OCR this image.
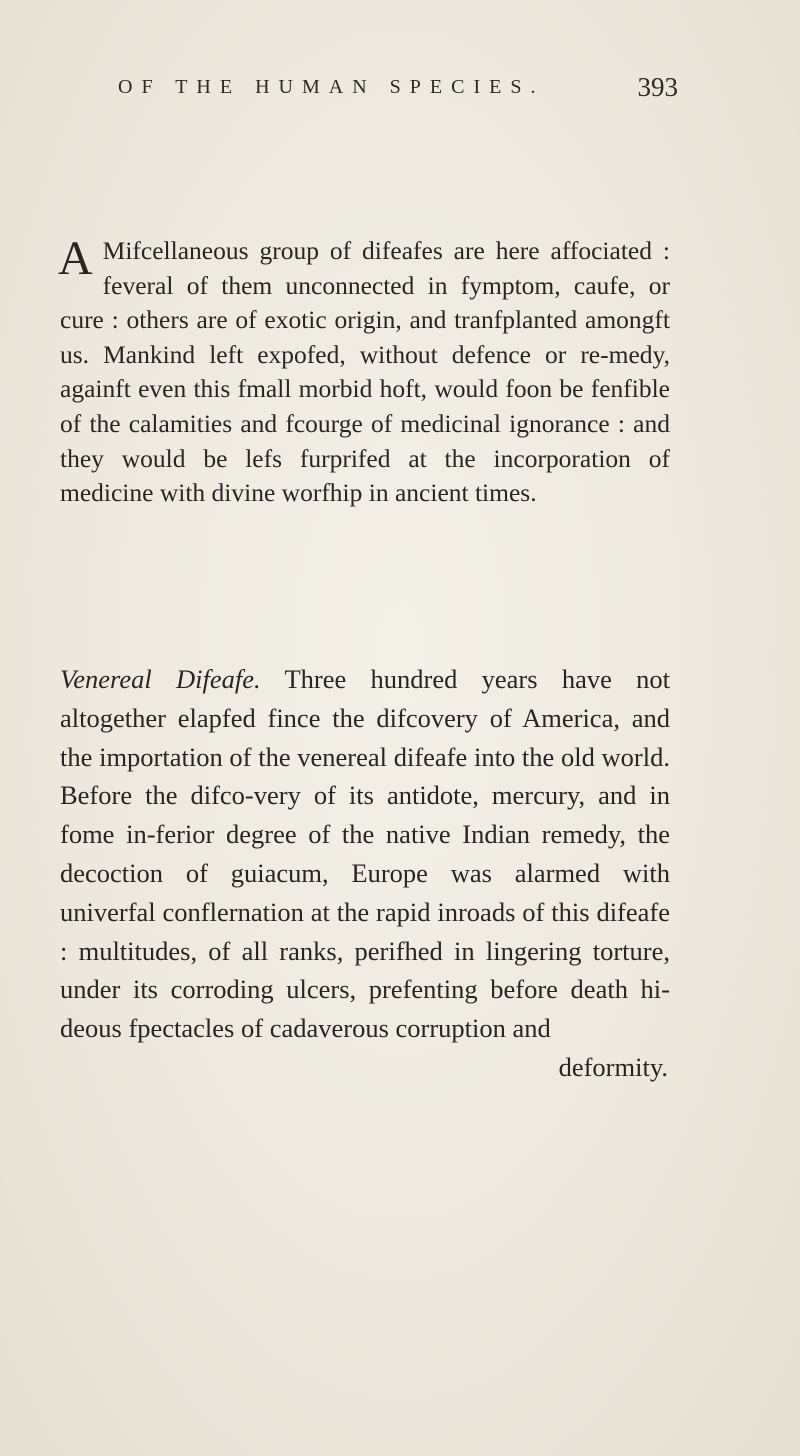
OF THE HUMAN SPECIES.	393
A Mifcellaneous group of difeafes are here affociated : feveral of them unconnected in fymptom, caufe, or cure : others are of exotic origin, and tranfplanted amongft us. Mankind left expofed, without defence or re-medy, againft even this fmall morbid hoft, would foon be fenfible of the calamities and fcourge of medicinal ignorance : and they would be lefs furprifed at the incorporation of medicine with divine worfhip in ancient times.
Venereal Difeafe. Three hundred years have not altogether elapfed fince the difcovery of America, and the importation of the venereal difeafe into the old world. Before the difco-very of its antidote, mercury, and in fome in-ferior degree of the native Indian remedy, the decoction of guiacum, Europe was alarmed with univerfal conflernation at the rapid inroads of this difeafe : multitudes, of all ranks, perifhed in lingering torture, under its corroding ulcers, prefenting before death hi-deous fpectacles of cadaverous corruption and
deformity.
